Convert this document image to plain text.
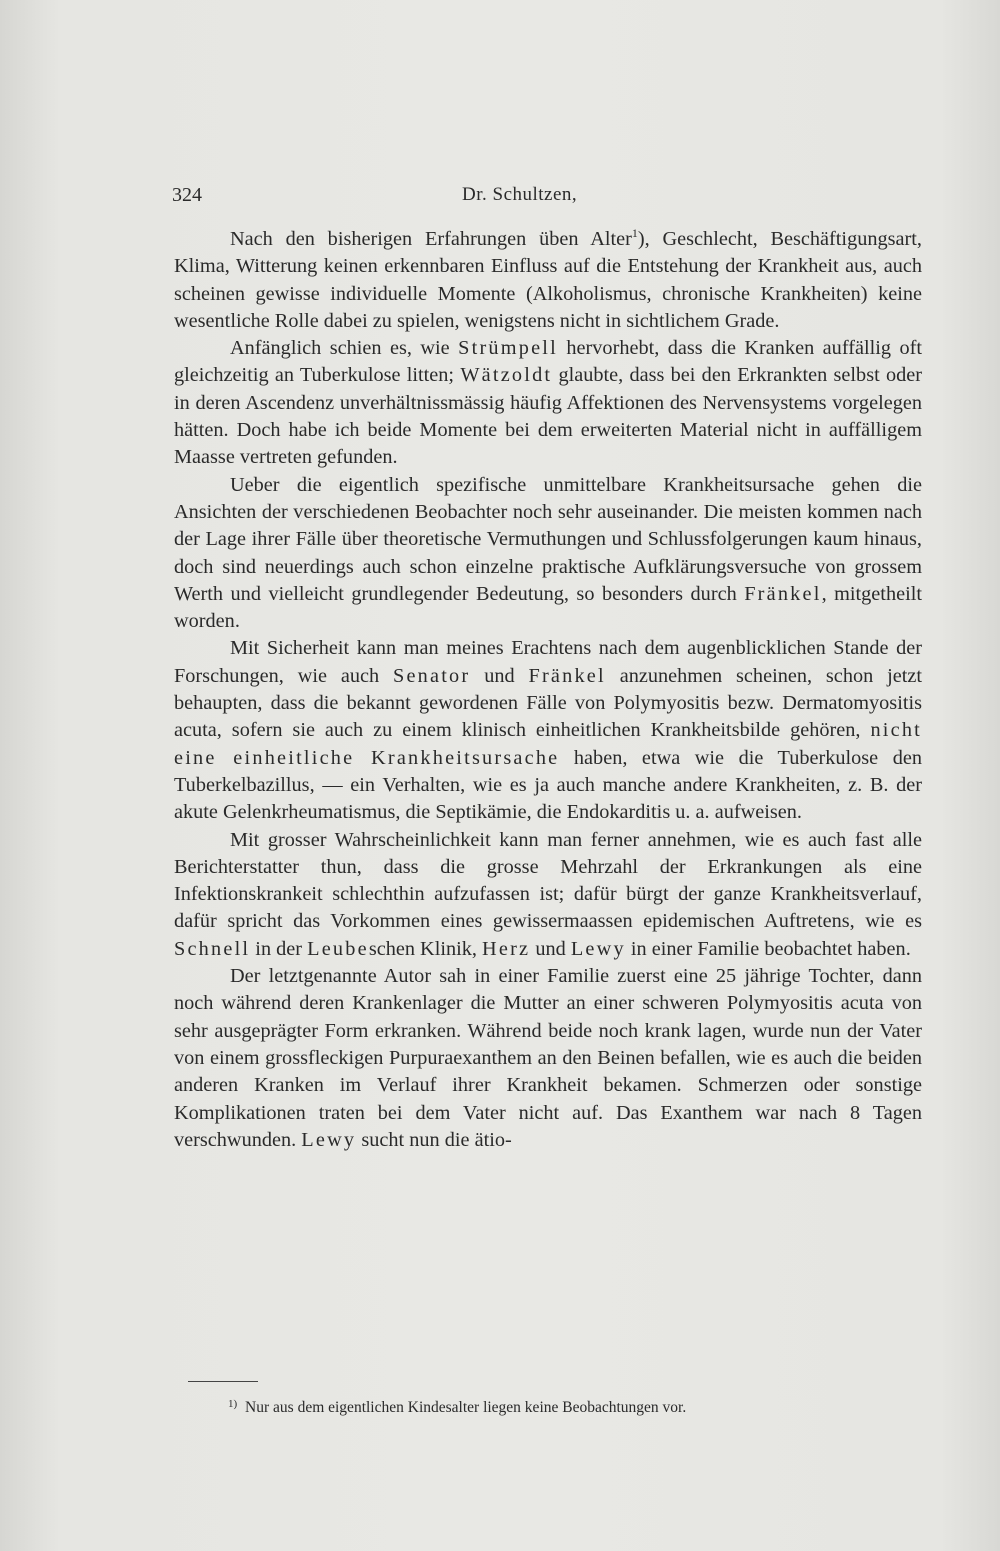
324	Dr. Schultzen,

Nach den bisherigen Erfahrungen üben Alter$^1$), Geschlecht, Beschäftigungsart, Klima, Witterung keinen erkennbaren Einfluss auf die Entstehung der Krankheit aus, auch scheinen gewisse individuelle Momente (Alkoholismus, chronische Krankheiten) keine wesentliche Rolle dabei zu spielen, wenigstens nicht in sichtlichem Grade.

Anfänglich schien es, wie Strümpell hervorhebt, dass die Kranken auffällig oft gleichzeitig an Tuberkulose litten; Wätzoldt glaubte, dass bei den Erkrankten selbst oder in deren Ascendenz unverhältnissmässig häufig Affektionen des Nervensystems vorgelegen hätten. Doch habe ich beide Momente bei dem erweiterten Material nicht in auffälligem Maasse vertreten gefunden.

Ueber die eigentlich spezifische unmittelbare Krankheitsursache gehen die Ansichten der verschiedenen Beobachter noch sehr auseinander. Die meisten kommen nach der Lage ihrer Fälle über theoretische Vermuthungen und Schlussfolgerungen kaum hinaus, doch sind neuerdings auch schon einzelne praktische Aufklärungsversuche von grossem Werth und vielleicht grundlegender Bedeutung, so besonders durch Fränkel, mitgetheilt worden.

Mit Sicherheit kann man meines Erachtens nach dem augenblicklichen Stande der Forschungen, wie auch Senator und Fränkel anzunehmen scheinen, schon jetzt behaupten, dass die bekannt gewordenen Fälle von Polymyositis bezw. Dermatomyositis acuta, sofern sie auch zu einem klinisch einheitlichen Krankheitsbilde gehören, nicht eine einheitliche Krankheitsursache haben, etwa wie die Tuberkulose den Tuberkelbazillus, — ein Verhalten, wie es ja auch manche andere Krankheiten, z. B. der akute Gelenkrheumatismus, die Septikämie, die Endokarditis u. a. aufweisen.

Mit grosser Wahrscheinlichkeit kann man ferner annehmen, wie es auch fast alle Berichterstatter thun, dass die grosse Mehrzahl der Erkrankungen als eine Infektionskrankeit schlechthin aufzufassen ist; dafür bürgt der ganze Krankheitsverlauf, dafür spricht das Vorkommen eines gewissermaassen epidemischen Auftretens, wie es Schnell in der Leubeschen Klinik, Herz und Lewy in einer Familie beobachtet haben.

Der letztgenannte Autor sah in einer Familie zuerst eine 25 jährige Tochter, dann noch während deren Krankenlager die Mutter an einer schweren Polymyositis acuta von sehr ausgeprägter Form erkranken. Während beide noch krank lagen, wurde nun der Vater von einem grossfleckigen Purpuraexanthem an den Beinen befallen, wie es auch die beiden anderen Kranken im Verlauf ihrer Krankheit bekamen. Schmerzen oder sonstige Komplikationen traten bei dem Vater nicht auf. Das Exanthem war nach 8 Tagen verschwunden. Lewy sucht nun die ätio-

$^{1)}$ Nur aus dem eigentlichen Kindesalter liegen keine Beobachtungen vor.
